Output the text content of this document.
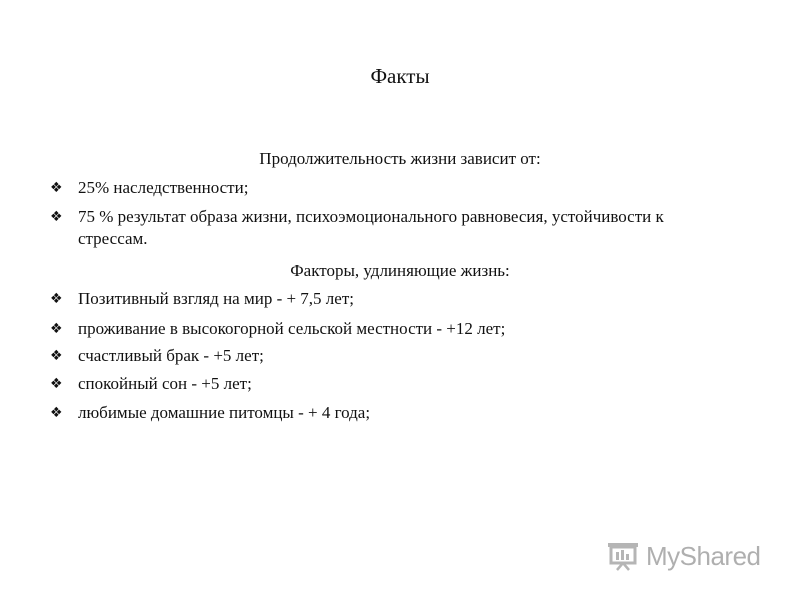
Факты
Продолжительность жизни зависит от:
❖ 25% наследственности;
❖ 75 % результат образа жизни, психоэмоционального равновесия, устойчивости к стрессам.
Факторы, удлиняющие жизнь:
❖ Позитивный взгляд на мир - + 7,5 лет;
❖ проживание в высокогорной сельской местности - +12 лет;
❖ счастливый брак - +5 лет;
❖ спокойный сон - +5 лет;
❖ любимые домашние питомцы - + 4 года;
MyShared
